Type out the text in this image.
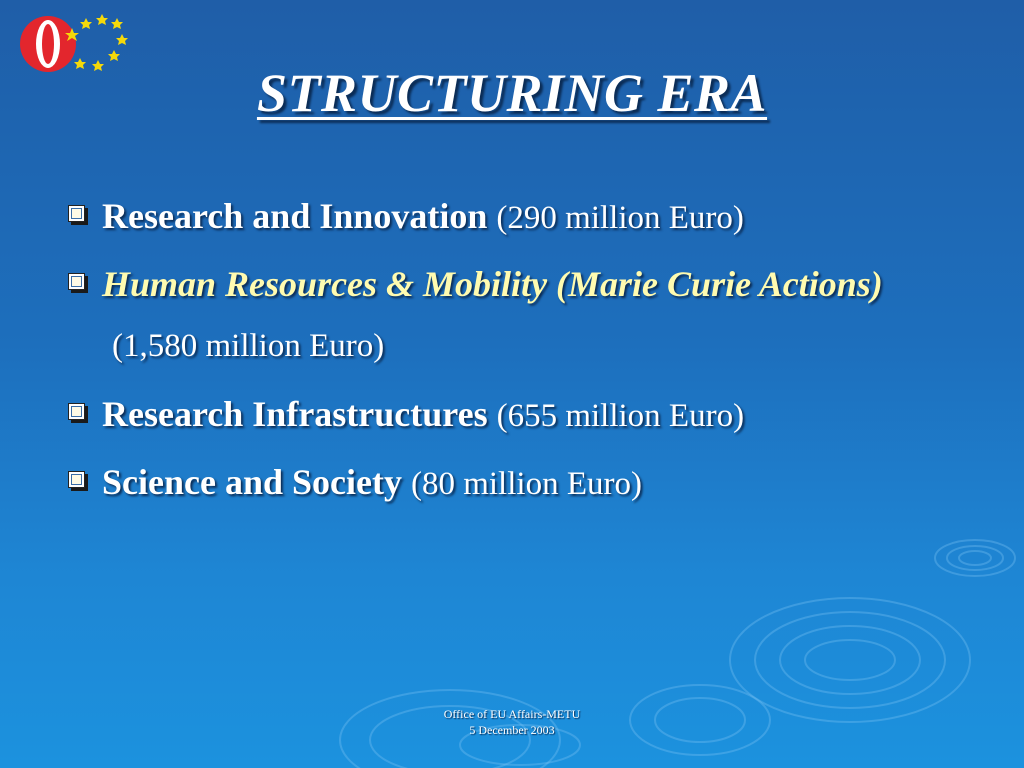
STRUCTURING ERA
Research and Innovation (290 million Euro)
Human Resources & Mobility (Marie Curie Actions)
(1,580 million Euro)
Research Infrastructures (655 million Euro)
Science and Society (80 million Euro)
Office of EU Affairs-METU
5 December 2003
